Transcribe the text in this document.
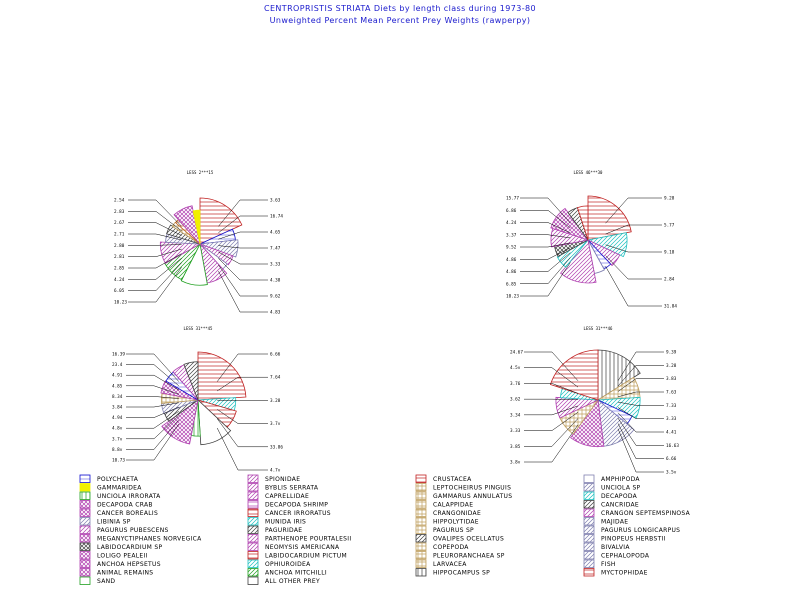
CENTROPRISTIS STRIATA Diets by length class during 1973-80
Unweighted Percent Mean Percent Prey Weights (rawperpy)
LESS 2***15
2.54
2.83
2.67
2.71
2.80
2.81
2.85
4.24
6.05
10.23
3.63
16.74
4.65
7.47
3.33
4.38
9.62
4.83
LESS 46***30
15.77
6.86
4.24
3.37
9.52
4.86
4.86
6.85
10.23
9.28
5.77
9.18
2.84
31.84
LESS 31***45
16.39
23.4
4.91
4.85
8.34
3.84
4.94
4.8v
3.7v
8.8v
10.73
6.66
7.64
3.28
3.7v
33.86
4.7v
LESS 31***46
24.67
4.5v
3.76
3.62
3.34
3.33
3.85
3.8v
9.39
3.28
3.83
7.63
7.33
3.33
4.41
16.63
6.66
3.5v
POLYCHAETA	SPIONIDAE	CRUSTACEA	AMPHIPODA
GAMMARIDEA	BYBLIS SERRATA	LEPTOCHEIRUS PINGUIS	UNCIOLA SP
UNCIOLA IRRORATA	CAPRELLIDAE	GAMMARUS ANNULATUS	DECAPODA
DECAPODA CRAB	DECAPODA SHRIMP	CALAPPIDAE	CANCRIDAE
CANCER BOREALIS	CANCER IRRORATUS	CRANGONIDAE	CRANGON SEPTEMSPINOSA
LIBINIA SP	MUNIDA IRIS	HIPPOLYTIDAE	MAJIDAE
PAGURUS PUBESCENS	PAGURIDAE	PAGURUS SP	PAGURUS LONGICARPUS
MEGANYCTIPHANES NORVEGICA	PARTHENOPE POURTALESII	OVALIPES OCELLATUS	PINOPEUS HERBSTII
LABIDOCARDIUM SP	NEOMYSIS AMERICANA	COPEPODA	BIVALVIA
LOLIGO PEALEII	LABIDOCARDIUM PICTUM	PLEURORANCHAEA SP	CEPHALOPODA
ANCHOA HEPSETUS	OPHIUROIDEA	LARVACEA	FISH
ANIMAL REMAINS	ANCHOA MITCHILLI	HIPPOCAMPUS SP	MYCTOPHIDAE
SAND	ALL OTHER PREY
